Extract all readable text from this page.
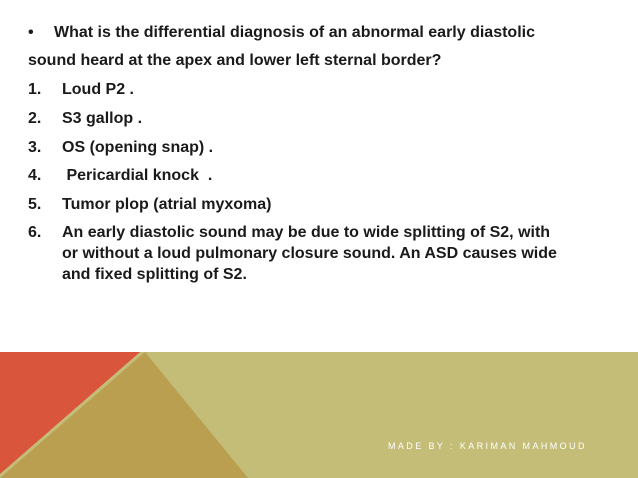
• What is the differential diagnosis of an abnormal early diastolic
sound heard at the apex and lower left sternal border?
1. Loud P2 .
2. S3 gallop .
3. OS (opening snap) .
4. Pericardial knock  .
5. Tumor plop (atrial myxoma)
6. An early diastolic sound may be due to wide splitting of S2, with
or without a loud pulmonary closure sound. An ASD causes wide
and fixed splitting of S2.
MADE BY : KARIMAN MAHMOUD
